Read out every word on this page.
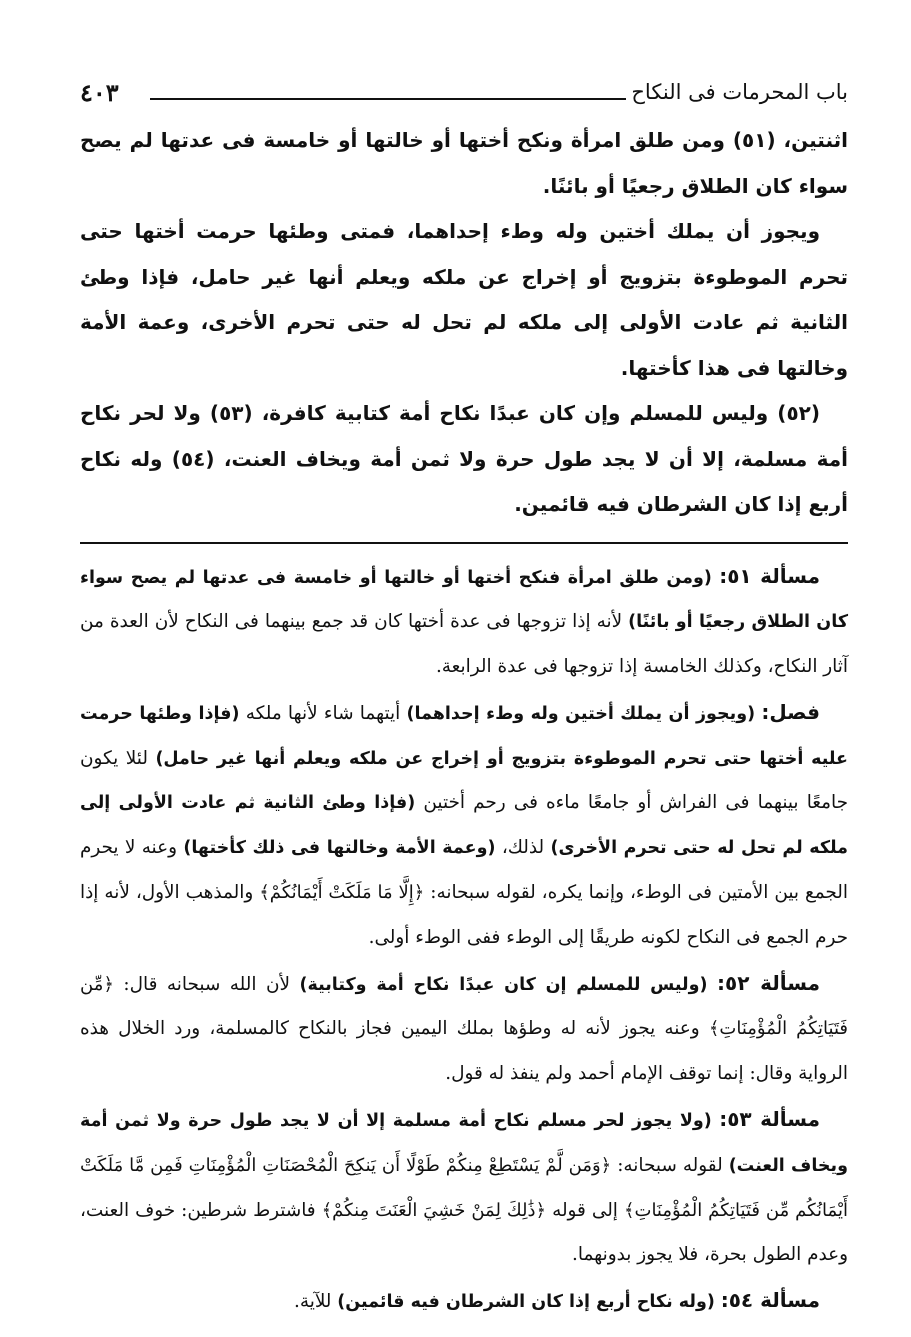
باب المحرمات فى النكاح
٤٠٣

اثنتين، (٥١) ومن طلق امرأة ونكح أختها أو خالتها أو خامسة فى عدتها لم يصح سواء كان الطلاق رجعيًا أو بائنًا.

ويجوز أن يملك أختين وله وطء إحداهما، فمتى وطئها حرمت أختها حتى تحرم الموطوءة بتزويج أو إخراج عن ملكه ويعلم أنها غير حامل، فإذا وطئ الثانية ثم عادت الأولى إلى ملكه لم تحل له حتى تحرم الأخرى، وعمة الأمة وخالتها فى هذا كأختها.

(٥٢) وليس للمسلم وإن كان عبدًا نكاح أمة كتابية كافرة، (٥٣) ولا لحر نكاح أمة مسلمة، إلا أن لا يجد طول حرة ولا ثمن أمة ويخاف العنت، (٥٤) وله نكاح أربع إذا كان الشرطان فيه قائمين.

مسألة ٥١: (ومن طلق امرأة فنكح أختها أو خالتها أو خامسة فى عدتها لم يصح سواء كان الطلاق رجعيًا أو بائنًا) لأنه إذا تزوجها فى عدة أختها كان قد جمع بينهما فى النكاح لأن العدة من آثار النكاح، وكذلك الخامسة إذا تزوجها فى عدة الرابعة.

فصل: (ويجوز أن يملك أختين وله وطء إحداهما) أيتهما شاء لأنها ملكه (فإذا وطئها حرمت عليه أختها حتى تحرم الموطوءة بتزويج أو إخراج عن ملكه ويعلم أنها غير حامل) لئلا يكون جامعًا بينهما فى الفراش أو جامعًا ماءه فى رحم أختين (فإذا وطئ الثانية ثم عادت الأولى إلى ملكه لم تحل له حتى تحرم الأخرى) لذلك، (وعمة الأمة وخالتها فى ذلك كأختها) وعنه لا يحرم الجمع بين الأمتين فى الوطء، وإنما يكره، لقوله سبحانه: ﴿إِلَّا مَا مَلَكَتْ أَيْمَانُكُمْ﴾ والمذهب الأول، لأنه إذا حرم الجمع فى النكاح لكونه طريقًا إلى الوطء ففى الوطء أولى.

مسألة ٥٢: (وليس للمسلم إن كان عبدًا نكاح أمة وكتابية) لأن الله سبحانه قال: ﴿مِّن فَتَيَاتِكُمُ الْمُؤْمِنَاتِ﴾ وعنه يجوز لأنه له وطؤها بملك اليمين فجاز بالنكاح كالمسلمة، ورد الخلال هذه الرواية وقال: إنما توقف الإمام أحمد ولم ينفذ له قول.

مسألة ٥٣: (ولا يجوز لحر مسلم نكاح أمة مسلمة إلا أن لا يجد طول حرة ولا ثمن أمة ويخاف العنت) لقوله سبحانه: ﴿وَمَن لَّمْ يَسْتَطِعْ مِنكُمْ طَوْلًا أَن يَنكِحَ الْمُحْصَنَاتِ الْمُؤْمِنَاتِ فَمِن مَّا مَلَكَتْ أَيْمَانُكُم مِّن فَتَيَاتِكُمُ الْمُؤْمِنَاتِ﴾ إلى قوله ﴿ذَٰلِكَ لِمَنْ خَشِيَ الْعَنَتَ مِنكُمْ﴾ فاشترط شرطين: خوف العنت، وعدم الطول بحرة، فلا يجوز بدونهما.

مسألة ٥٤: (وله نكاح أربع إذا كان الشرطان فيه قائمين) للآية.
